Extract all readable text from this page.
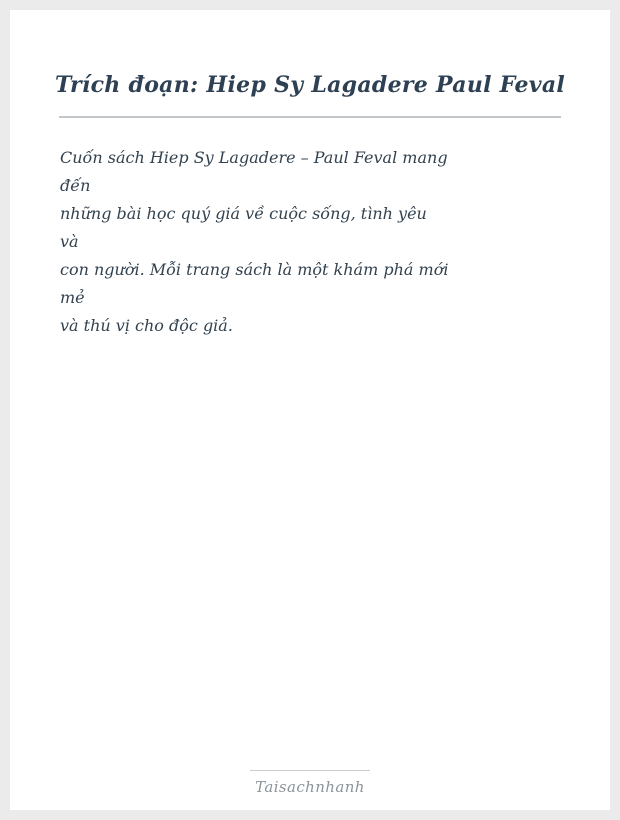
Trích đoạn: Hiep Sy Lagadere Paul Feval

Cuốn sách Hiep Sy Lagadere – Paul Feval mang

đến

những bài học quý giá về cuộc sống, tình yêu

và

con người. Mỗi trang sách là một khám phá mới

mẻ

và thú vị cho độc giả.

Taisachnhanh
